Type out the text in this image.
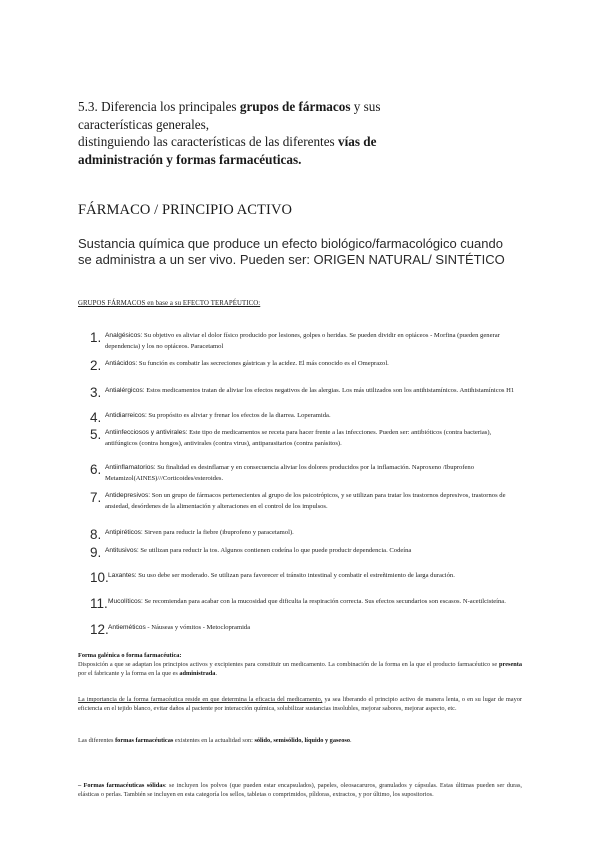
5.3. Diferencia los principales grupos de fármacos y sus características generales,
distinguiendo las características de las diferentes vías de administración y formas farmacéuticas.
FÁRMACO / PRINCIPIO ACTIVO
Sustancia química que produce un efecto biológico/farmacológico cuando se administra a un ser vivo. Pueden ser: ORIGEN NATURAL/ SINTÉTICO
GRUPOS FÁRMACOS en base a su EFECTO TERAPÉUTICO:
1. Analgésicos: Su objetivo es aliviar el dolor físico producido por lesiones, golpes o heridas. Se pueden dividir en opiáceos - Morfina (pueden generar dependencia) y los no opiáceos. Paracetamol
2. Antiácidos: Su función es combatir las secreciones gástricas y la acidez. El más conocido es el Omeprazol.
3. Antialérgicos: Estos medicamentos tratan de aliviar los efectos negativos de las alergias. Los más utilizados son los antihistamínicos. Antihistamínicos H1
4. Antidiarreicos: Su propósito es aliviar y frenar los efectos de la diarrea. Loperamida.
5. Antiinfecciosos y antivirales: Este tipo de medicamentos se receta para hacer frente a las infecciones. Pueden ser: antibióticos (contra bacterias), antifúngicos (contra hongos), antivirales (contra virus), antiparasitarios (contra parásitos).
6. Antiinflamatorios: Su finalidad es desinflamar y en consecuencia aliviar los dolores producidos por la inflamación. Naproxeno /Ibuprofeno Metamizol(AINES)///Corticoides/esteroides.
7. Antidepresivos: Son un grupo de fármacos pertenecientes al grupo de los psicotrópicos, y se utilizan para tratar los trastornos depresivos, trastornos de ansiedad, desórdenes de la alimentación y alteraciones en el control de los impulsos.
8. Antipiréticos: Sirven para reducir la fiebre (ibuprofeno y paracetamol).
9. Antitusivos: Se utilizan para reducir la tos. Algunos contienen codeína lo que puede producir dependencia. Codeína
10. Laxantes: Su uso debe ser moderado. Se utilizan para favorecer el tránsito intestinal y combatir el estreñimiento de larga duración.
11. Mucolíticos: Se recomiendan para acabar con la mucosidad que dificulta la respiración correcta. Sus efectos secundarios son escasos. N-acetilcisteína.
12. Antieméticos - Náuseas y vómitos - Metoclopramida
Forma galénica o forma farmacéutica:
Disposición a que se adaptan los principios activos y excipientes para constituir un medicamento. La combinación de la forma en la que el producto farmacéutico se presenta por el fabricante y la forma en la que es administrada.
La importancia de la forma farmacéutica reside en que determina la eficacia del medicamento, ya sea liberando el principio activo de manera lenta, o en su lugar de mayor eficiencia en el tejido blanco, evitar daños al paciente por interacción química, solubilizar sustancias insolubles, mejorar sabores, mejorar aspecto, etc.
Las diferentes formas farmacéuticas existentes en la actualidad son: sólido, semisólido, líquido y gaseoso.
– Formas farmacéuticas sólidas: se incluyen los polvos (que pueden estar encapsulados), papeles, oleosacaruros, granulados y cápsulas. Estas últimas pueden ser duras, elásticas o perlas. También se incluyen en esta categoría los sellos, tabletas o comprimidos, píldoras, extractos, y por último, los supositorios.
